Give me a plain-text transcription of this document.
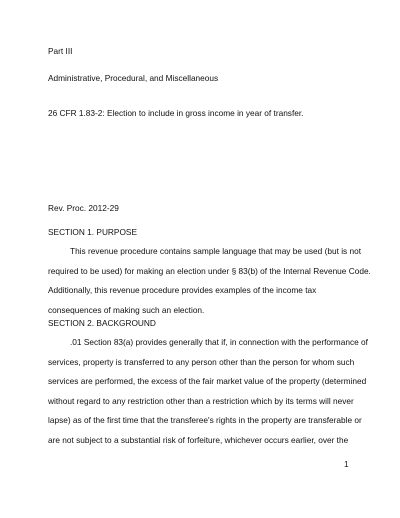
Part III
Administrative, Procedural, and Miscellaneous
26 CFR 1.83-2: Election to include in gross income in year of transfer.
Rev. Proc. 2012-29
SECTION 1. PURPOSE
This revenue procedure contains sample language that may be used (but is not
required to be used) for making an election under § 83(b) of the Internal Revenue Code.
Additionally, this revenue procedure provides examples of the income tax
consequences of making such an election.
SECTION 2. BACKGROUND
.01 Section 83(a) provides generally that if, in connection with the performance of
services, property is transferred to any person other than the person for whom such
services are performed, the excess of the fair market value of the property (determined
without regard to any restriction other than a restriction which by its terms will never
lapse) as of the first time that the transferee's rights in the property are transferable or
are not subject to a substantial risk of forfeiture, whichever occurs earlier, over the
1
